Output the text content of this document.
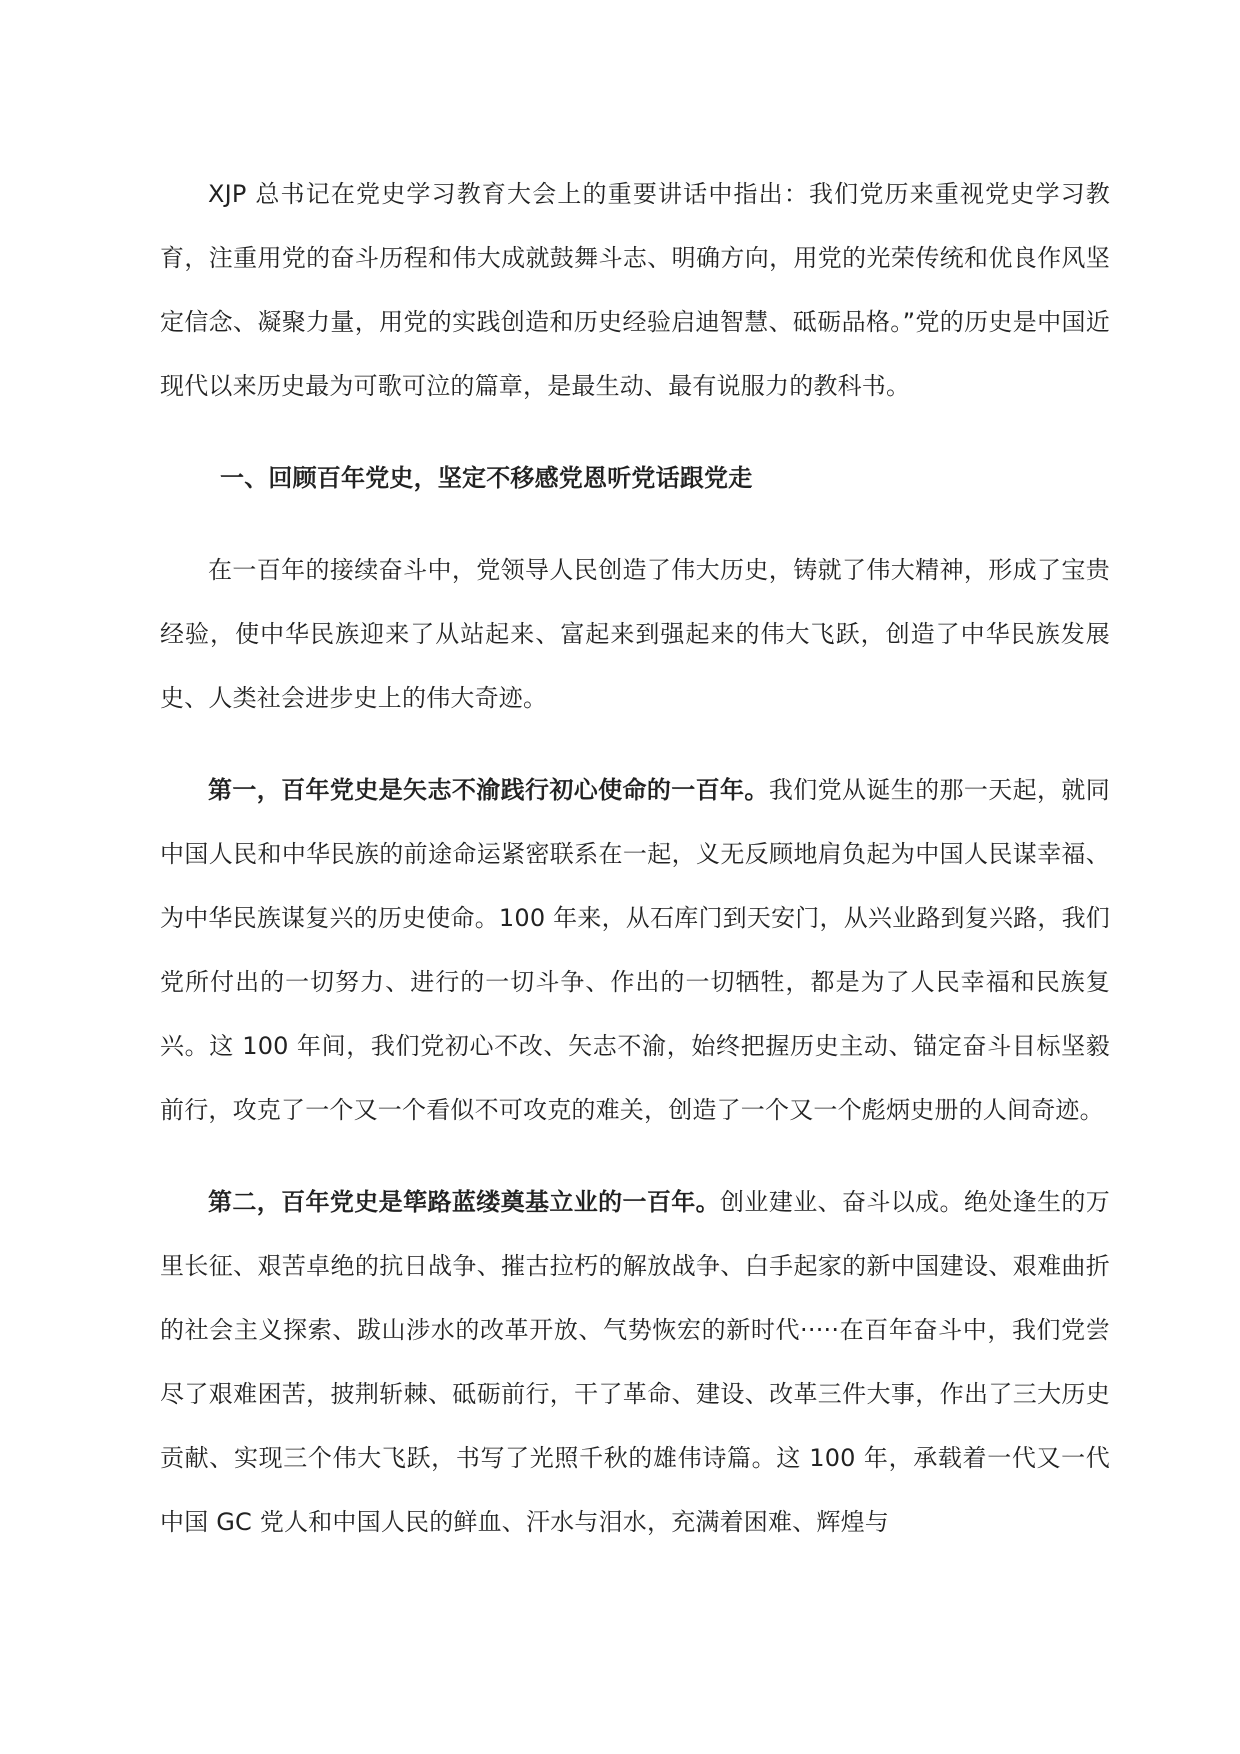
XJP 总书记在党史学习教育大会上的重要讲话中指出：我们党历来重视党史学习教育，注重用党的奋斗历程和伟大成就鼓舞斗志、明确方向，用党的光荣传统和优良作风坚定信念、凝聚力量，用党的实践创造和历史经验启迪智慧、砥砺品格。”党的历史是中国近现代以来历史最为可歌可泣的篇章，是最生动、最有说服力的教科书。

一、回顾百年党史，坚定不移感党恩听党话跟党走

在一百年的接续奋斗中，党领导人民创造了伟大历史，铸就了伟大精神，形成了宝贵经验，使中华民族迎来了从站起来、富起来到强起来的伟大飞跃，创造了中华民族发展史、人类社会进步史上的伟大奇迹。

第一，百年党史是矢志不渝践行初心使命的一百年。我们党从诞生的那一天起，就同中国人民和中华民族的前途命运紧密联系在一起，义无反顾地肩负起为中国人民谋幸福、为中华民族谋复兴的历史使命。100 年来，从石库门到天安门，从兴业路到复兴路，我们党所付出的一切努力、进行的一切斗争、作出的一切牺牲，都是为了人民幸福和民族复兴。这 100 年间，我们党初心不改、矢志不渝，始终把握历史主动、锚定奋斗目标坚毅前行，攻克了一个又一个看似不可攻克的难关，创造了一个又一个彪炳史册的人间奇迹。

第二，百年党史是筚路蓝缕奠基立业的一百年。创业建业、奋斗以成。绝处逢生的万里长征、艰苦卓绝的抗日战争、摧古拉朽的解放战争、白手起家的新中国建设、艰难曲折的社会主义探索、跋山涉水的改革开放、气势恢宏的新时代·····在百年奋斗中，我们党尝尽了艰难困苦，披荆斩棘、砥砺前行，干了革命、建设、改革三件大事，作出了三大历史贡献、实现三个伟大飞跃，书写了光照千秋的雄伟诗篇。这 100 年，承载着一代又一代中国 GC 党人和中国人民的鲜血、汗水与泪水，充满着困难、辉煌与
